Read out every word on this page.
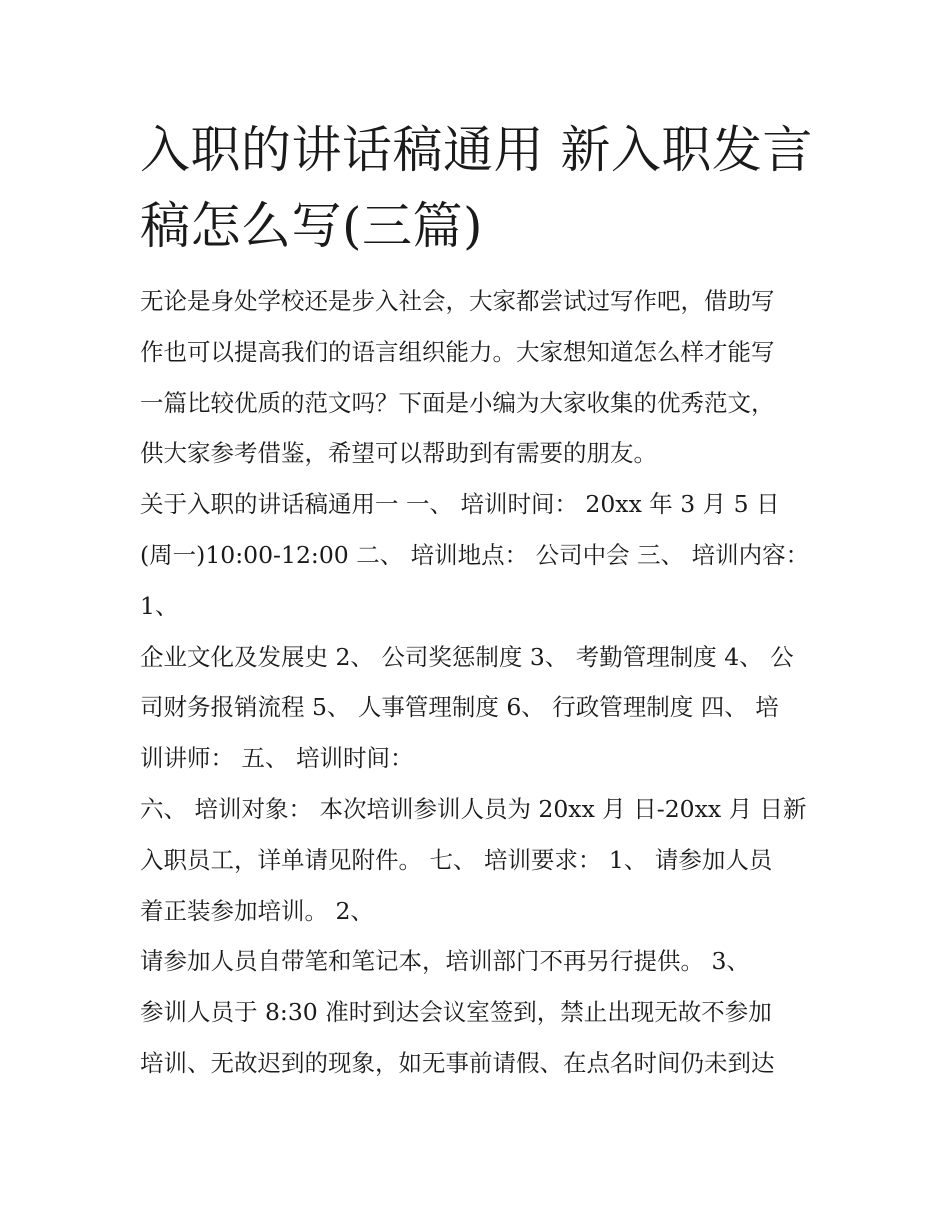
入职的讲话稿通用 新入职发言
稿怎么写(三篇)

无论是身处学校还是步入社会，大家都尝试过写作吧，借助写

作也可以提高我们的语言组织能力。大家想知道怎么样才能写

一篇比较优质的范文吗？下面是小编为大家收集的优秀范文，

供大家参考借鉴，希望可以帮助到有需要的朋友。

关于入职的讲话稿通用一 一、 培训时间： 20xx 年 3 月 5 日

(周一)10:00-12:00 二、 培训地点： 公司中会 三、 培训内容：

1、

企业文化及发展史 2、 公司奖惩制度 3、 考勤管理制度 4、 公

司财务报销流程 5、 人事管理制度 6、 行政管理制度 四、 培

训讲师： 五、 培训时间：

六、 培训对象： 本次培训参训人员为 20xx 月 日-20xx 月 日新

入职员工，详单请见附件。 七、 培训要求： 1、 请参加人员

着正装参加培训。 2、

请参加人员自带笔和笔记本，培训部门不再另行提供。 3、

参训人员于 8:30 准时到达会议室签到，禁止出现无故不参加

培训、无故迟到的现象，如无事前请假、在点名时间仍未到达
